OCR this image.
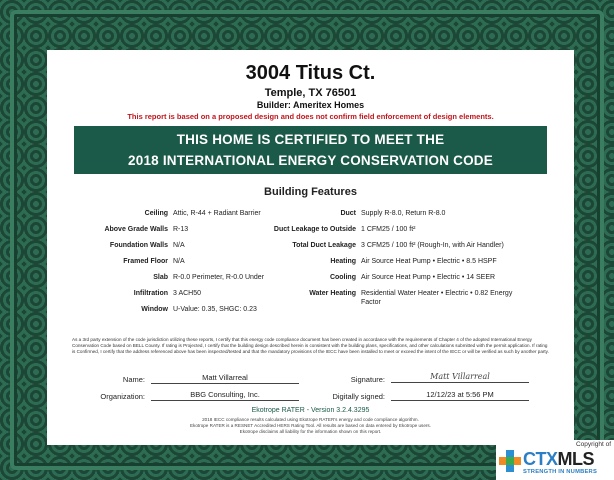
3004 Titus Ct.
Temple, TX 76501
Builder: Ameritex Homes
This report is based on a proposed design and does not confirm field enforcement of design elements.
THIS HOME IS CERTIFIED TO MEET THE
2018 INTERNATIONAL ENERGY CONSERVATION CODE
Building Features
Ceiling Attic, R-44 + Radiant Barrier
Above Grade Walls R-13
Foundation Walls N/A
Framed Floor N/A
Slab R-0.0 Perimeter, R-0.0 Under
Infiltration 3 ACH50
Window U-Value: 0.35, SHGC: 0.23
Duct Supply R-8.0, Return R-8.0
Duct Leakage to Outside 1 CFM25 / 100 ft²
Total Duct Leakage 3 CFM25 / 100 ft² (Rough-In, with Air Handler)
Heating Air Source Heat Pump • Electric • 8.5 HSPF
Cooling Air Source Heat Pump • Electric • 14 SEER
Water Heating Residential Water Heater • Electric • 0.82 Energy Factor
As a 3rd party extension of the code jurisdiction utilizing these reports, I certify that this energy code compliance document has been created in accordance with the requirements of Chapter 4 of the adopted International Energy Conservation Code based on BELL County. If rating is Projected, I certify that the building design described herein is consistent with the building plans, specifications, and other calculations submitted with the permit application. If rating is Confirmed, I certify that the address referenced above has been inspected/tested and that the mandatory provisions of the IECC have been installed to meet or exceed the intent of the IECC or will be verified as such by another party.
Name:	Matt Villarreal
Organization:	BBG Consulting, Inc.
Signature:	Matt Villarreal
Digitally signed:	12/12/23 at 5:56 PM
Ekotrope RATER - Version 3.2.4.3295
2018 IECC compliance results calculated using Ekotrope RATER's energy and code compliance algorithm.
Ekotrope RATER is a RESNET Accredited HERS Rating Tool. All results are based on data entered by Ekotrope users.
Ekotrope disclaims all liability for the information shown on this report.
Copyright of
CTXMLS
STRENGTH IN NUMBERS
